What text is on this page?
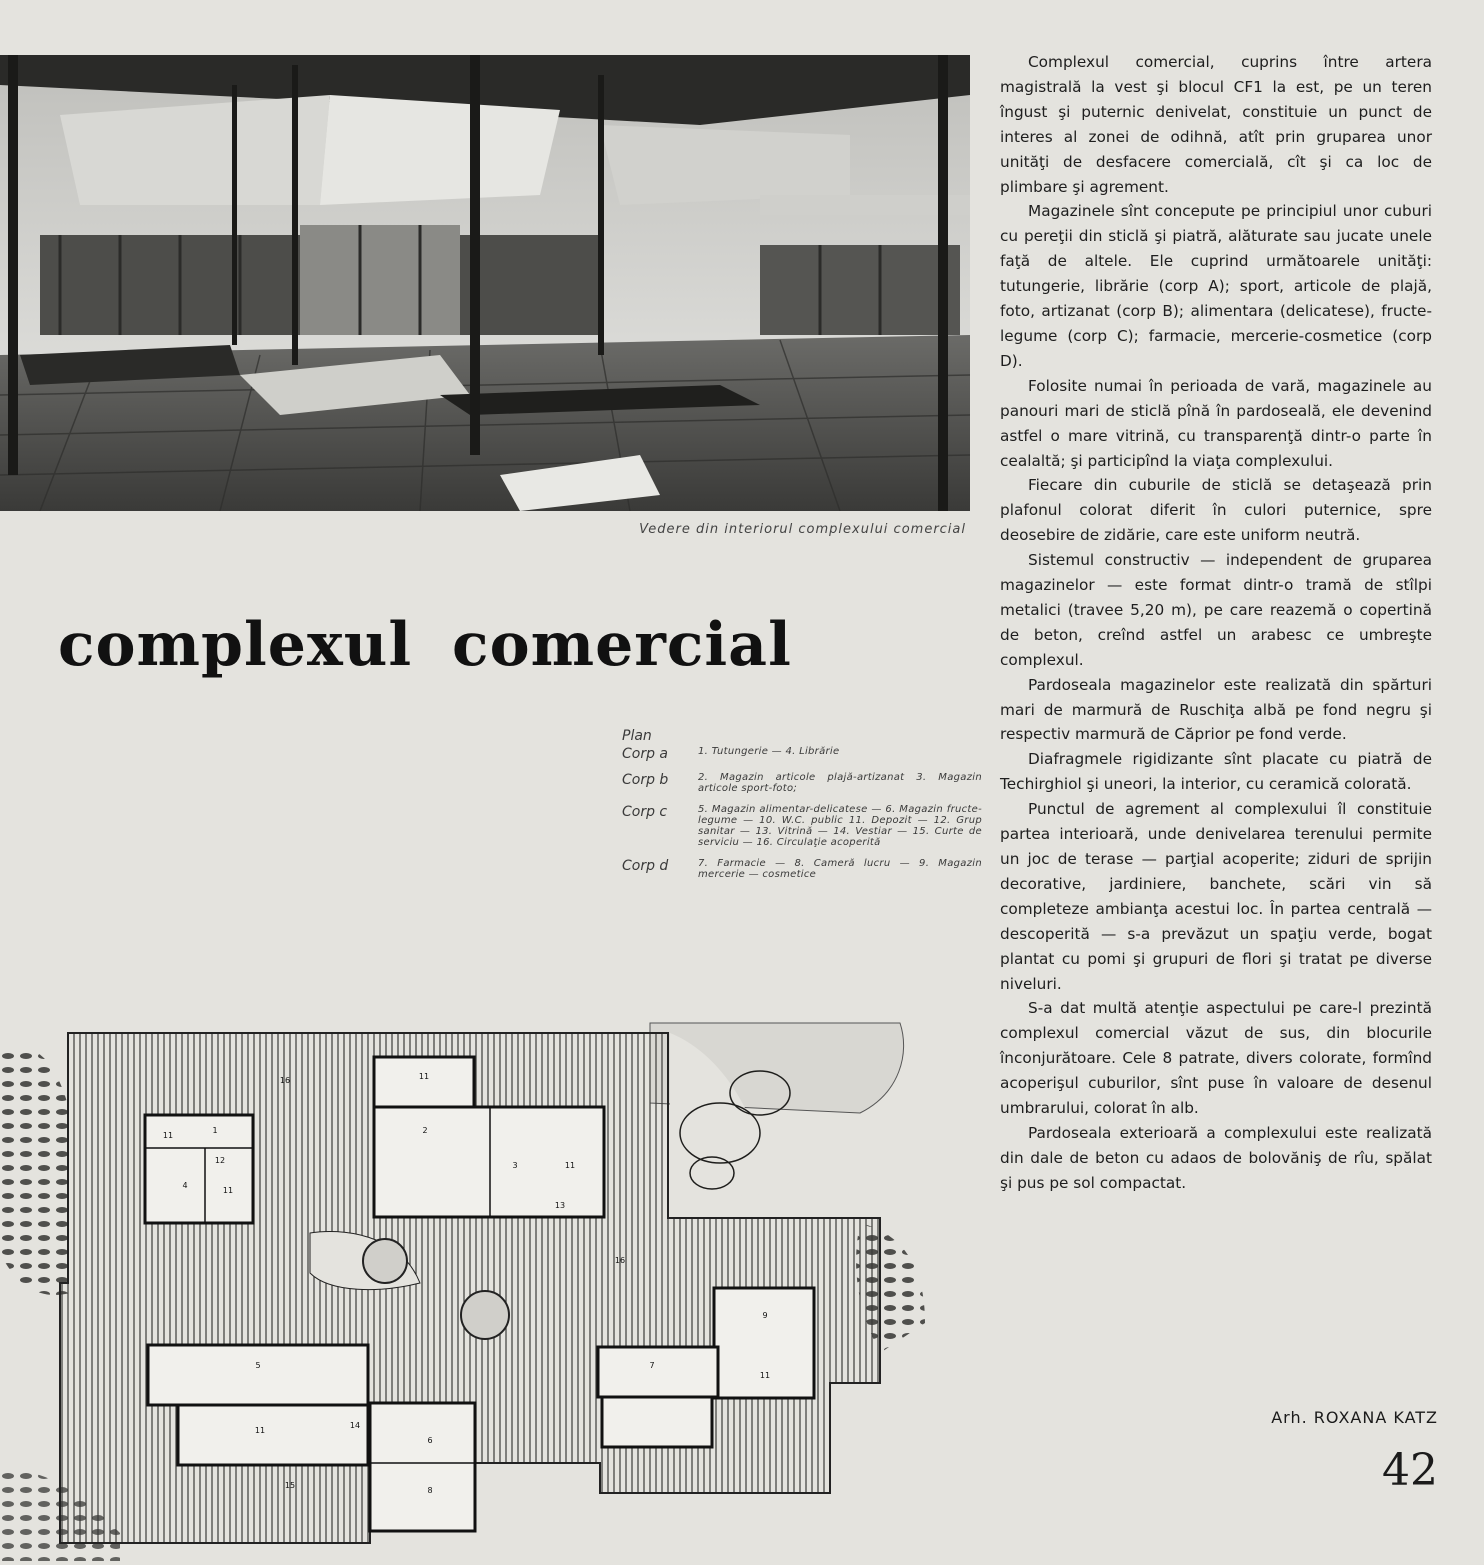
Vedere din interiorul complexului comercial
complexul comercial
Plan
Corp a	1. Tutungerie — 4. Librărie
Corp b	2. Magazin articole plajă-artizanat 3. Magazin articole sport-foto;
Corp c	5. Magazin alimentar-delicatese — 6. Magazin fructe-legume — 10. W.C. public 11. Depozit — 12. Grup sanitar — 13. Vitrină — 14. Vestiar — 15. Curte de serviciu — 16. Circulaţie acoperită
Corp d	7. Farmacie — 8. Cameră lucru — 9. Magazin mercerie — cosmetice
1	2
3
4
5
6
7
8
9
11
11
11
11
11
11
12
13
14
15
16
16

Complexul comercial, cuprins între artera magistrală la vest şi blocul CF1 la est, pe un teren îngust şi puternic denivelat, constituie un punct de interes al zonei de odihnă, atît prin gruparea unor unităţi de desfacere comercială, cît şi ca loc de plimbare şi agrement.

Magazinele sînt concepute pe principiul unor cuburi cu pereţii din sticlă şi piatră, alăturate sau jucate unele faţă de altele. Ele cuprind următoarele unităţi: tutungerie, librărie (corp A); sport, articole de plajă, foto, artizanat (corp B); alimentara (delicatese), fructe-legume (corp C); farmacie, mercerie-cosmetice (corp D).

Folosite numai în perioada de vară, magazinele au panouri mari de sticlă pînă în pardoseală, ele devenind astfel o mare vitrină, cu transparenţă dintr-o parte în cealaltă; şi participînd la viaţa complexului.

Fiecare din cuburile de sticlă se detaşează prin plafonul colorat diferit în culori puternice, spre deosebire de zidărie, care este uniform neutră.

Sistemul constructiv — independent de gruparea magazinelor — este format dintr-o tramă de stîlpi metalici (travee 5,20 m), pe care reazemă o copertină de beton, creînd astfel un arabesc ce umbreşte complexul.

Pardoseala magazinelor este realizată din spărturi mari de marmură de Ruschiţa albă pe fond negru şi respectiv marmură de Căprior pe fond verde.

Diafragmele rigidizante sînt placate cu piatră de Techirghiol şi uneori, la interior, cu ceramică colorată.

Punctul de agrement al complexului îl constituie partea interioară, unde denivelarea terenului permite un joc de terase — parţial acoperite; ziduri de sprijin decorative, jardiniere, banchete, scări vin să completeze ambianţa acestui loc. În partea centrală — descoperită — s-a prevăzut un spaţiu verde, bogat plantat cu pomi şi grupuri de flori şi tratat pe diverse niveluri.

S-a dat multă atenţie aspectului pe care-l prezintă complexul comercial văzut de sus, din blocurile înconjurătoare. Cele 8 patrate, divers colorate, formînd acoperişul cuburilor, sînt puse în valoare de desenul umbrarului, colorat în alb.

Pardoseala exterioară a complexului este realizată din dale de beton cu adaos de bolovăniş de rîu, spălat şi pus pe sol compactat.

Arh. ROXANA KATZ
42
